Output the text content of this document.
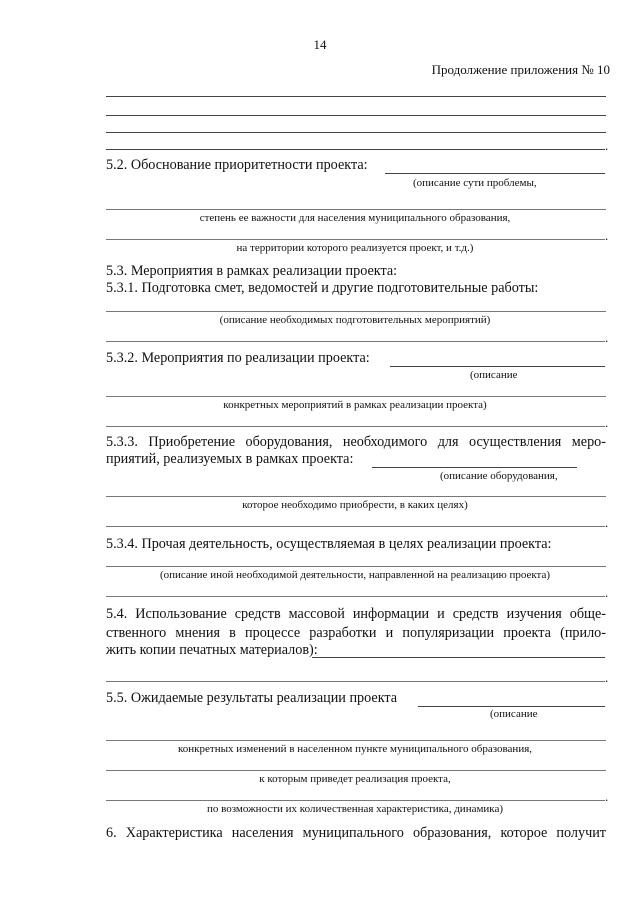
14
Продолжение приложения № 10
.
5.2. Обоснование приоритетности проекта:
(описание сути проблемы,
степень ее важности для населения муниципального образования,
.
на территории которого реализуется проект, и т.д.)
5.3. Мероприятия в рамках реализации проекта:
5.3.1. Подготовка смет, ведомостей и другие подготовительные работы:
(описание необходимых подготовительных мероприятий)
.
5.3.2. Мероприятия по реализации проекта:
(описание
конкретных мероприятий в рамках реализации проекта)
.
5.3.3. Приобретение оборудования, необходимого для осуществления меро-
приятий, реализуемых в рамках проекта:
(описание оборудования,
которое необходимо приобрести, в каких целях)
.
5.3.4. Прочая деятельность, осуществляемая в целях реализации проекта:
(описание иной необходимой деятельности, направленной на реализацию проекта)
.
5.4. Использование средств массовой информации и средств изучения обще-
ственного мнения в процессе разработки и популяризации проекта (прило-
жить копии печатных материалов):
.
5.5. Ожидаемые результаты реализации проекта
(описание
конкретных изменений в населенном пункте муниципального образования,
к которым приведет реализация проекта,
.
по возможности их количественная характеристика, динамика)
6. Характеристика населения муниципального образования, которое получит
